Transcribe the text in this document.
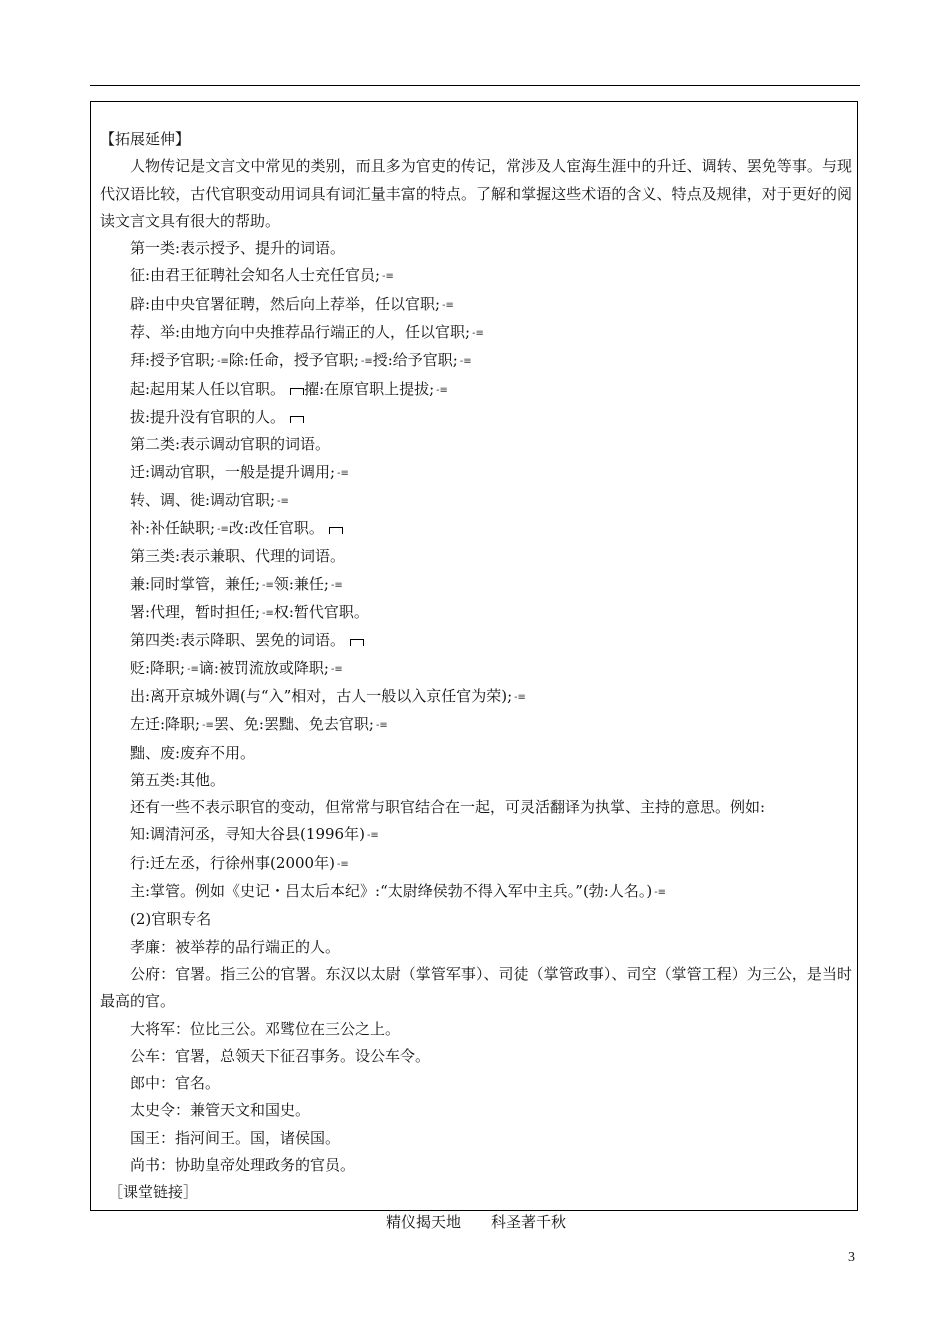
【拓展延伸】

人物传记是文言文中常见的类别，而且多为官吏的传记，常涉及人宦海生涯中的升迁、调转、罢免等事。与现代汉语比较，古代官职变动用词具有词汇量丰富的特点。了解和掌握这些术语的含义、特点及规律，对于更好的阅读文言文具有很大的帮助。

第一类:表示授予、提升的词语。

征:由君王征聘社会知名人士充任官员; -≡

辟:由中央官署征聘，然后向上荐举，任以官职; -≡

荐、举:由地方向中央推荐品行端正的人，任以官职; -≡

拜:授予官职; -≡除:任命，授予官职; -≡授:给予官职; -≡

起:起用某人任以官职。 擢:在原官职上提拔; -≡

拔:提升没有官职的人。

第二类:表示调动官职的词语。

迁:调动官职，一般是提升调用; -≡

转、调、徙:调动官职; -≡

补:补任缺职; -≡改:改任官职。

第三类:表示兼职、代理的词语。

兼:同时掌管，兼任; -≡领:兼任; -≡

署:代理，暂时担任; -≡权:暂代官职。

第四类:表示降职、罢免的词语。

贬:降职; -≡谪:被罚流放或降职; -≡

出:离开京城外调(与“入”相对，古人一般以入京任官为荣); -≡

左迁:降职; -≡罢、免:罢黜、免去官职; -≡

黜、废:废弃不用。

第五类:其他。

还有一些不表示职官的变动，但常常与职官结合在一起，可灵活翻译为执掌、主持的意思。例如:

知:调清河丞，寻知大谷县(1996年) -≡

行:迁左丞，行徐州事(2000年) -≡

主:掌管。例如《史记・吕太后本纪》:“太尉绛侯勃不得入军中主兵。”(勃:人名。) -≡

(2)官职专名

孝廉：被举荐的品行端正的人。

公府：官署。指三公的官署。东汉以太尉（掌管军事）、司徒（掌管政事）、司空（掌管工程）为三公，是当时最高的官。

大将军：位比三公。邓骘位在三公之上。

公车：官署，总领天下征召事务。设公车令。

郎中：官名。

太史令：兼管天文和国史。

国王：指河间王。国，诸侯国。

尚书：协助皇帝处理政务的官员。

［课堂链接］

精仪揭天地　　科圣著千秋

3
